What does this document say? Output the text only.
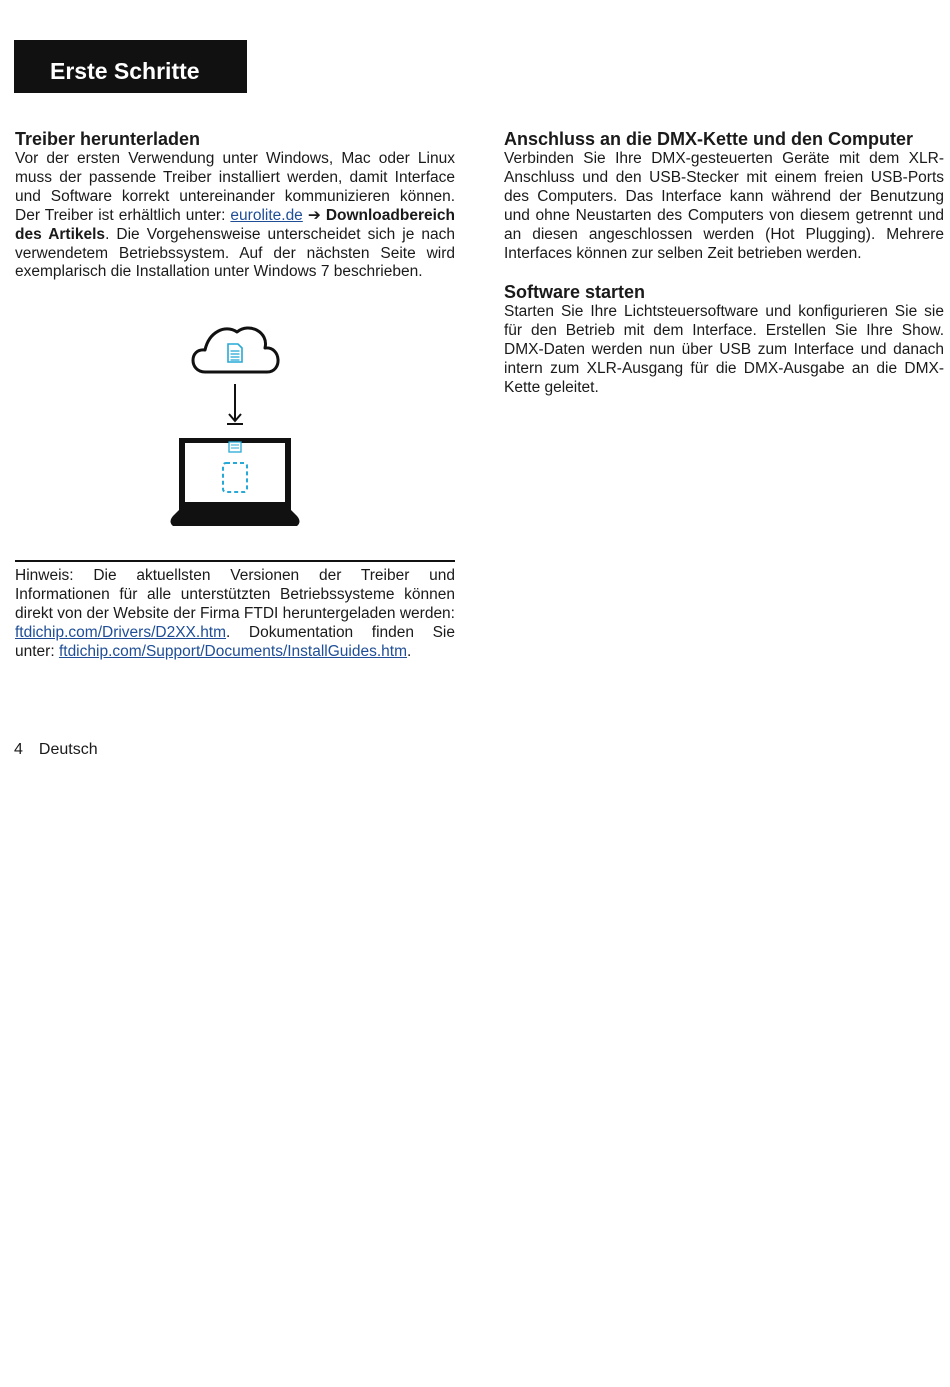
Erste Schritte
Treiber herunterladen

Vor der ersten Verwendung unter Windows, Mac oder Linux muss der passende Treiber installiert werden, damit Interface und Software korrekt untereinander kommunizieren können. Der Treiber ist erhältlich unter: eurolite.de ➔ Downloadbereich des Artikels. Die Vorgehensweise unterscheidet sich je nach verwendetem Betriebssystem. Auf der nächsten Seite wird exemplarisch die Installation unter Windows 7 beschrieben.

Hinweis: Die aktuellsten Versionen der Treiber und Informationen für alle unterstützten Betriebssysteme können direkt von der Website der Firma FTDI heruntergeladen werden: ftdichip.com/Drivers/D2XX.htm. Dokumentation finden Sie unter: ftdichip.com/Support/Documents/InstallGuides.htm.

Anschluss an die DMX-Kette und den Computer

Verbinden Sie Ihre DMX-gesteuerten Geräte mit dem XLR-Anschluss und den USB-Stecker mit einem freien USB-Ports des Computers. Das Interface kann während der Benutzung und ohne Neustarten des Computers von diesem getrennt und an diesen angeschlossen werden (Hot Plugging). Mehrere Interfaces können zur selben Zeit betrieben werden.

Software starten

Starten Sie Ihre Lichtsteuersoftware und konfigurieren Sie sie für den Betrieb mit dem Interface. Erstellen Sie Ihre Show. DMX-Daten werden nun über USB zum Interface und danach intern zum XLR-Ausgang für die DMX-Ausgabe an die DMX-Kette geleitet.

4 Deutsch
